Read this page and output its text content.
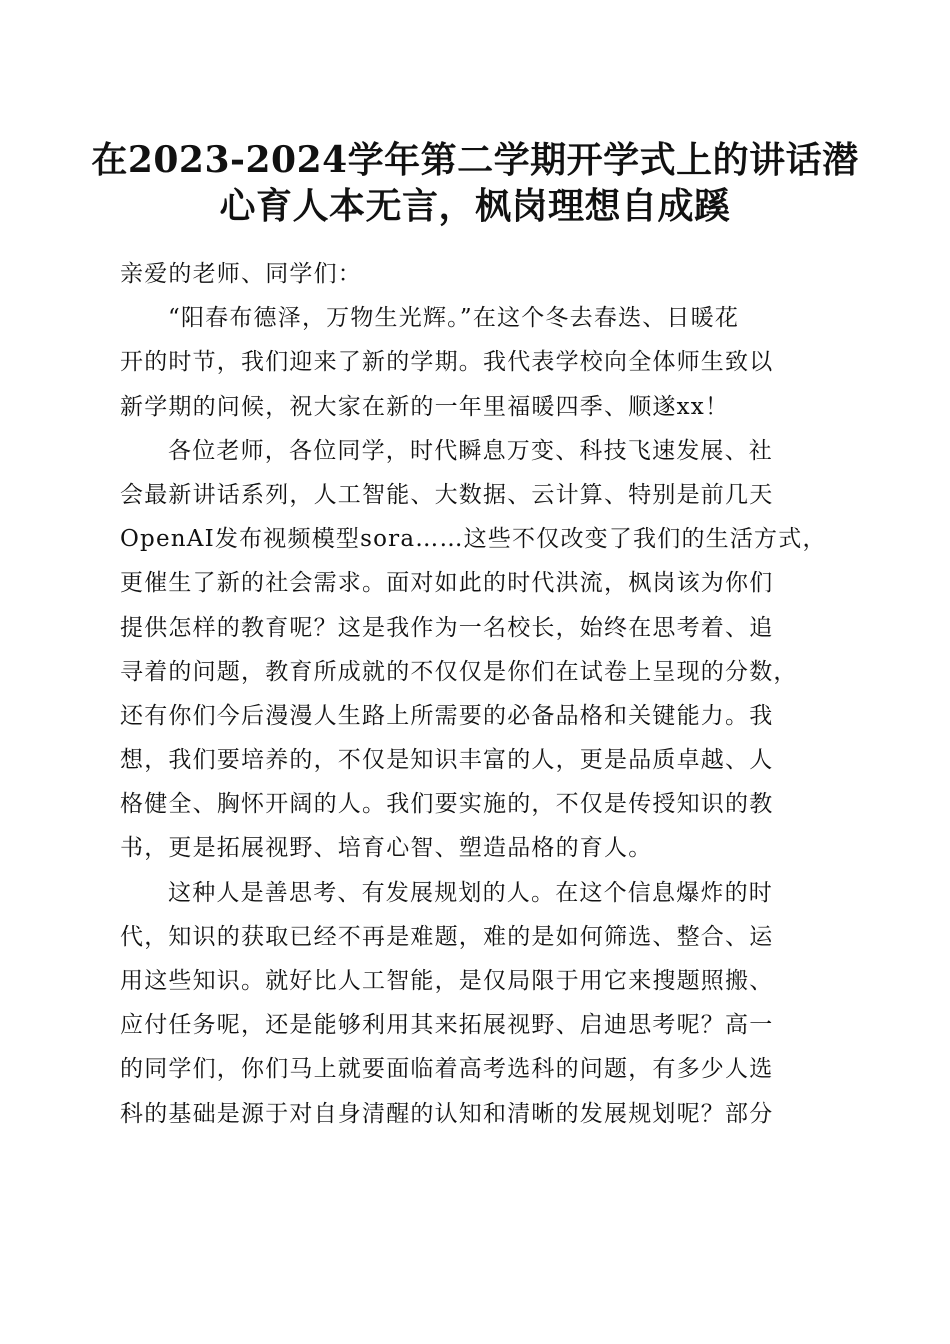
在2023-2024学年第二学期开学式上的讲话潜
心育人本无言，枫岗理想自成蹊
亲爱的老师、同学们：
“阳春布德泽，万物生光辉。”在这个冬去春迭、日暖花
开的时节，我们迎来了新的学期。我代表学校向全体师生致以
新学期的问候，祝大家在新的一年里福暖四季、顺遂xx！
各位老师，各位同学，时代瞬息万变、科技飞速发展、社
会最新讲话系列，人工智能、大数据、云计算、特别是前几天
OpenAI发布视频模型sora……这些不仅改变了我们的生活方式，
更催生了新的社会需求。面对如此的时代洪流，枫岗该为你们
提供怎样的教育呢？这是我作为一名校长，始终在思考着、追
寻着的问题，教育所成就的不仅仅是你们在试卷上呈现的分数，
还有你们今后漫漫人生路上所需要的必备品格和关键能力。我
想，我们要培养的，不仅是知识丰富的人，更是品质卓越、人
格健全、胸怀开阔的人。我们要实施的，不仅是传授知识的教
书，更是拓展视野、培育心智、塑造品格的育人。
这种人是善思考、有发展规划的人。在这个信息爆炸的时
代，知识的获取已经不再是难题，难的是如何筛选、整合、运
用这些知识。就好比人工智能，是仅局限于用它来搜题照搬、
应付任务呢，还是能够利用其来拓展视野、启迪思考呢？高一
的同学们，你们马上就要面临着高考选科的问题，有多少人选
科的基础是源于对自身清醒的认知和清晰的发展规划呢？部分
